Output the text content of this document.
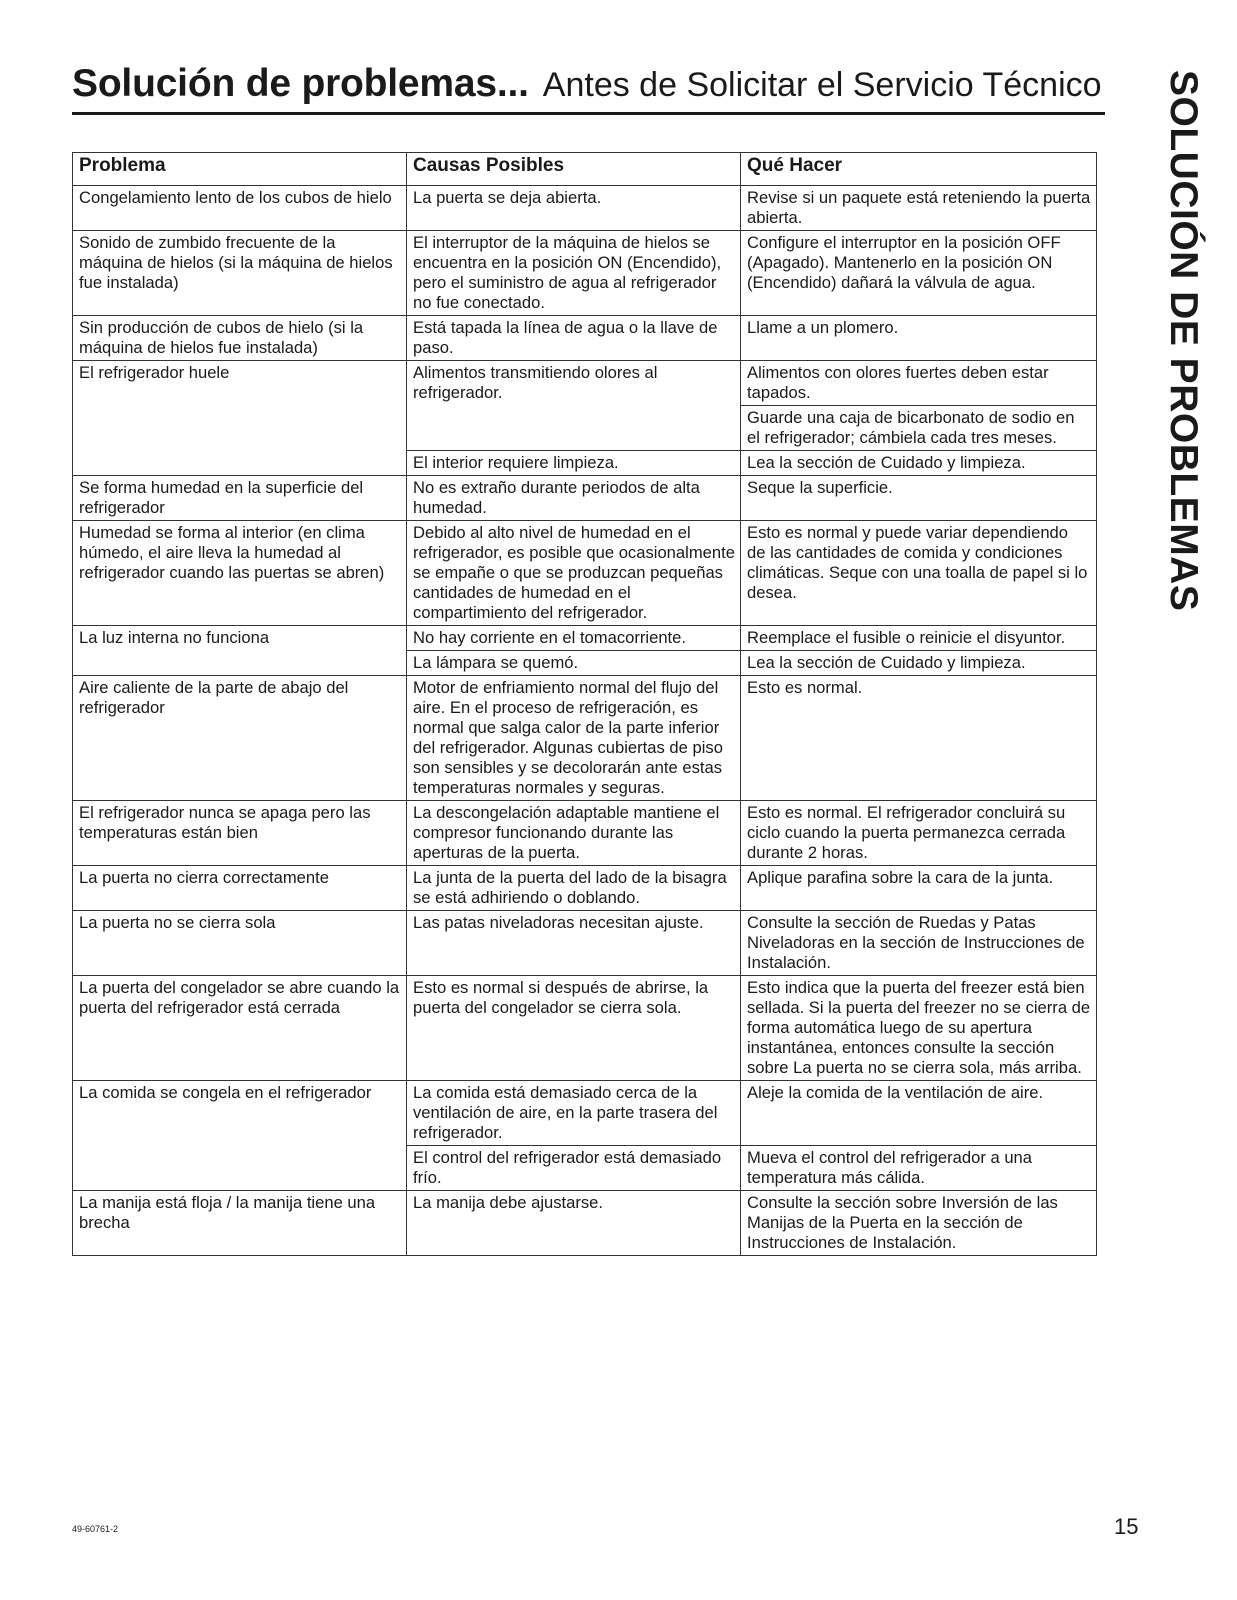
Solución de problemas... Antes de Solicitar el Servicio Técnico SOLUCIÓN DE PROBLEMAS
Problema	Causas Posibles	Qué Hacer
Congelamiento lento de los cubos de hielo	La puerta se deja abierta.	Revise si un paquete está reteniendo la puerta abierta.
Sonido de zumbido frecuente de la máquina de hielos (si la máquina de hielos fue instalada)	El interruptor de la máquina de hielos se encuentra en la posición ON (Encendido), pero el suministro de agua al refrigerador no fue conectado.	Configure el interruptor en la posición OFF (Apagado). Mantenerlo en la posición ON (Encendido) dañará la válvula de agua.
Sin producción de cubos de hielo (si la máquina de hielos fue instalada)	Está tapada la línea de agua o la llave de paso.	Llame a un plomero.
El refrigerador huele	Alimentos transmitiendo olores al refrigerador.	Alimentos con olores fuertes deben estar tapados.
		Guarde una caja de bicarbonato de sodio en el refrigerador; cámbiela cada tres meses.
	El interior requiere limpieza.	Lea la sección de Cuidado y limpieza.
Se forma humedad en la superficie del refrigerador	No es extraño durante periodos de alta humedad.	Seque la superficie.
Humedad se forma al interior (en clima húmedo, el aire lleva la humedad al refrigerador cuando las puertas se abren)	Debido al alto nivel de humedad en el refrigerador, es posible que ocasionalmente se empañe o que se produzcan pequeñas cantidades de humedad en el compartimiento del refrigerador.	Esto es normal y puede variar dependiendo de las cantidades de comida y condiciones climáticas. Seque con una toalla de papel si lo desea.
La luz interna no funciona	No hay corriente en el tomacorriente.	Reemplace el fusible o reinicie el disyuntor.
	La lámpara se quemó.	Lea la sección de Cuidado y limpieza.
Aire caliente de la parte de abajo del refrigerador	Motor de enfriamiento normal del flujo del aire. En el proceso de refrigeración, es normal que salga calor de la parte inferior del refrigerador. Algunas cubiertas de piso son sensibles y se decolorarán ante estas temperaturas normales y seguras.	Esto es normal.
El refrigerador nunca se apaga pero las temperaturas están bien	La descongelación adaptable mantiene el compresor funcionando durante las aperturas de la puerta.	Esto es normal. El refrigerador concluirá su ciclo cuando la puerta permanezca cerrada durante 2 horas.
La puerta no cierra correctamente	La junta de la puerta del lado de la bisagra se está adhiriendo o doblando.	Aplique parafina sobre la cara de la junta.
La puerta no se cierra sola	Las patas niveladoras necesitan ajuste.	Consulte la sección de Ruedas y Patas Niveladoras en la sección de Instrucciones de Instalación.
La puerta del congelador se abre cuando la puerta del refrigerador está cerrada	Esto es normal si después de abrirse, la puerta del congelador se cierra sola.	Esto indica que la puerta del freezer está bien sellada. Si la puerta del freezer no se cierra de forma automática luego de su apertura instantánea, entonces consulte la sección sobre La puerta no se cierra sola, más arriba.
La comida se congela en el refrigerador	La comida está demasiado cerca de la ventilación de aire, en la parte trasera del refrigerador.	Aleje la comida de la ventilación de aire.
	El control del refrigerador está demasiado frío.	Mueva el control del refrigerador a una temperatura más cálida.
La manija está floja / la manija tiene una brecha	La manija debe ajustarse.	Consulte la sección sobre Inversión de las Manijas de la Puerta en la sección de Instrucciones de Instalación.
49-60761-2	15
